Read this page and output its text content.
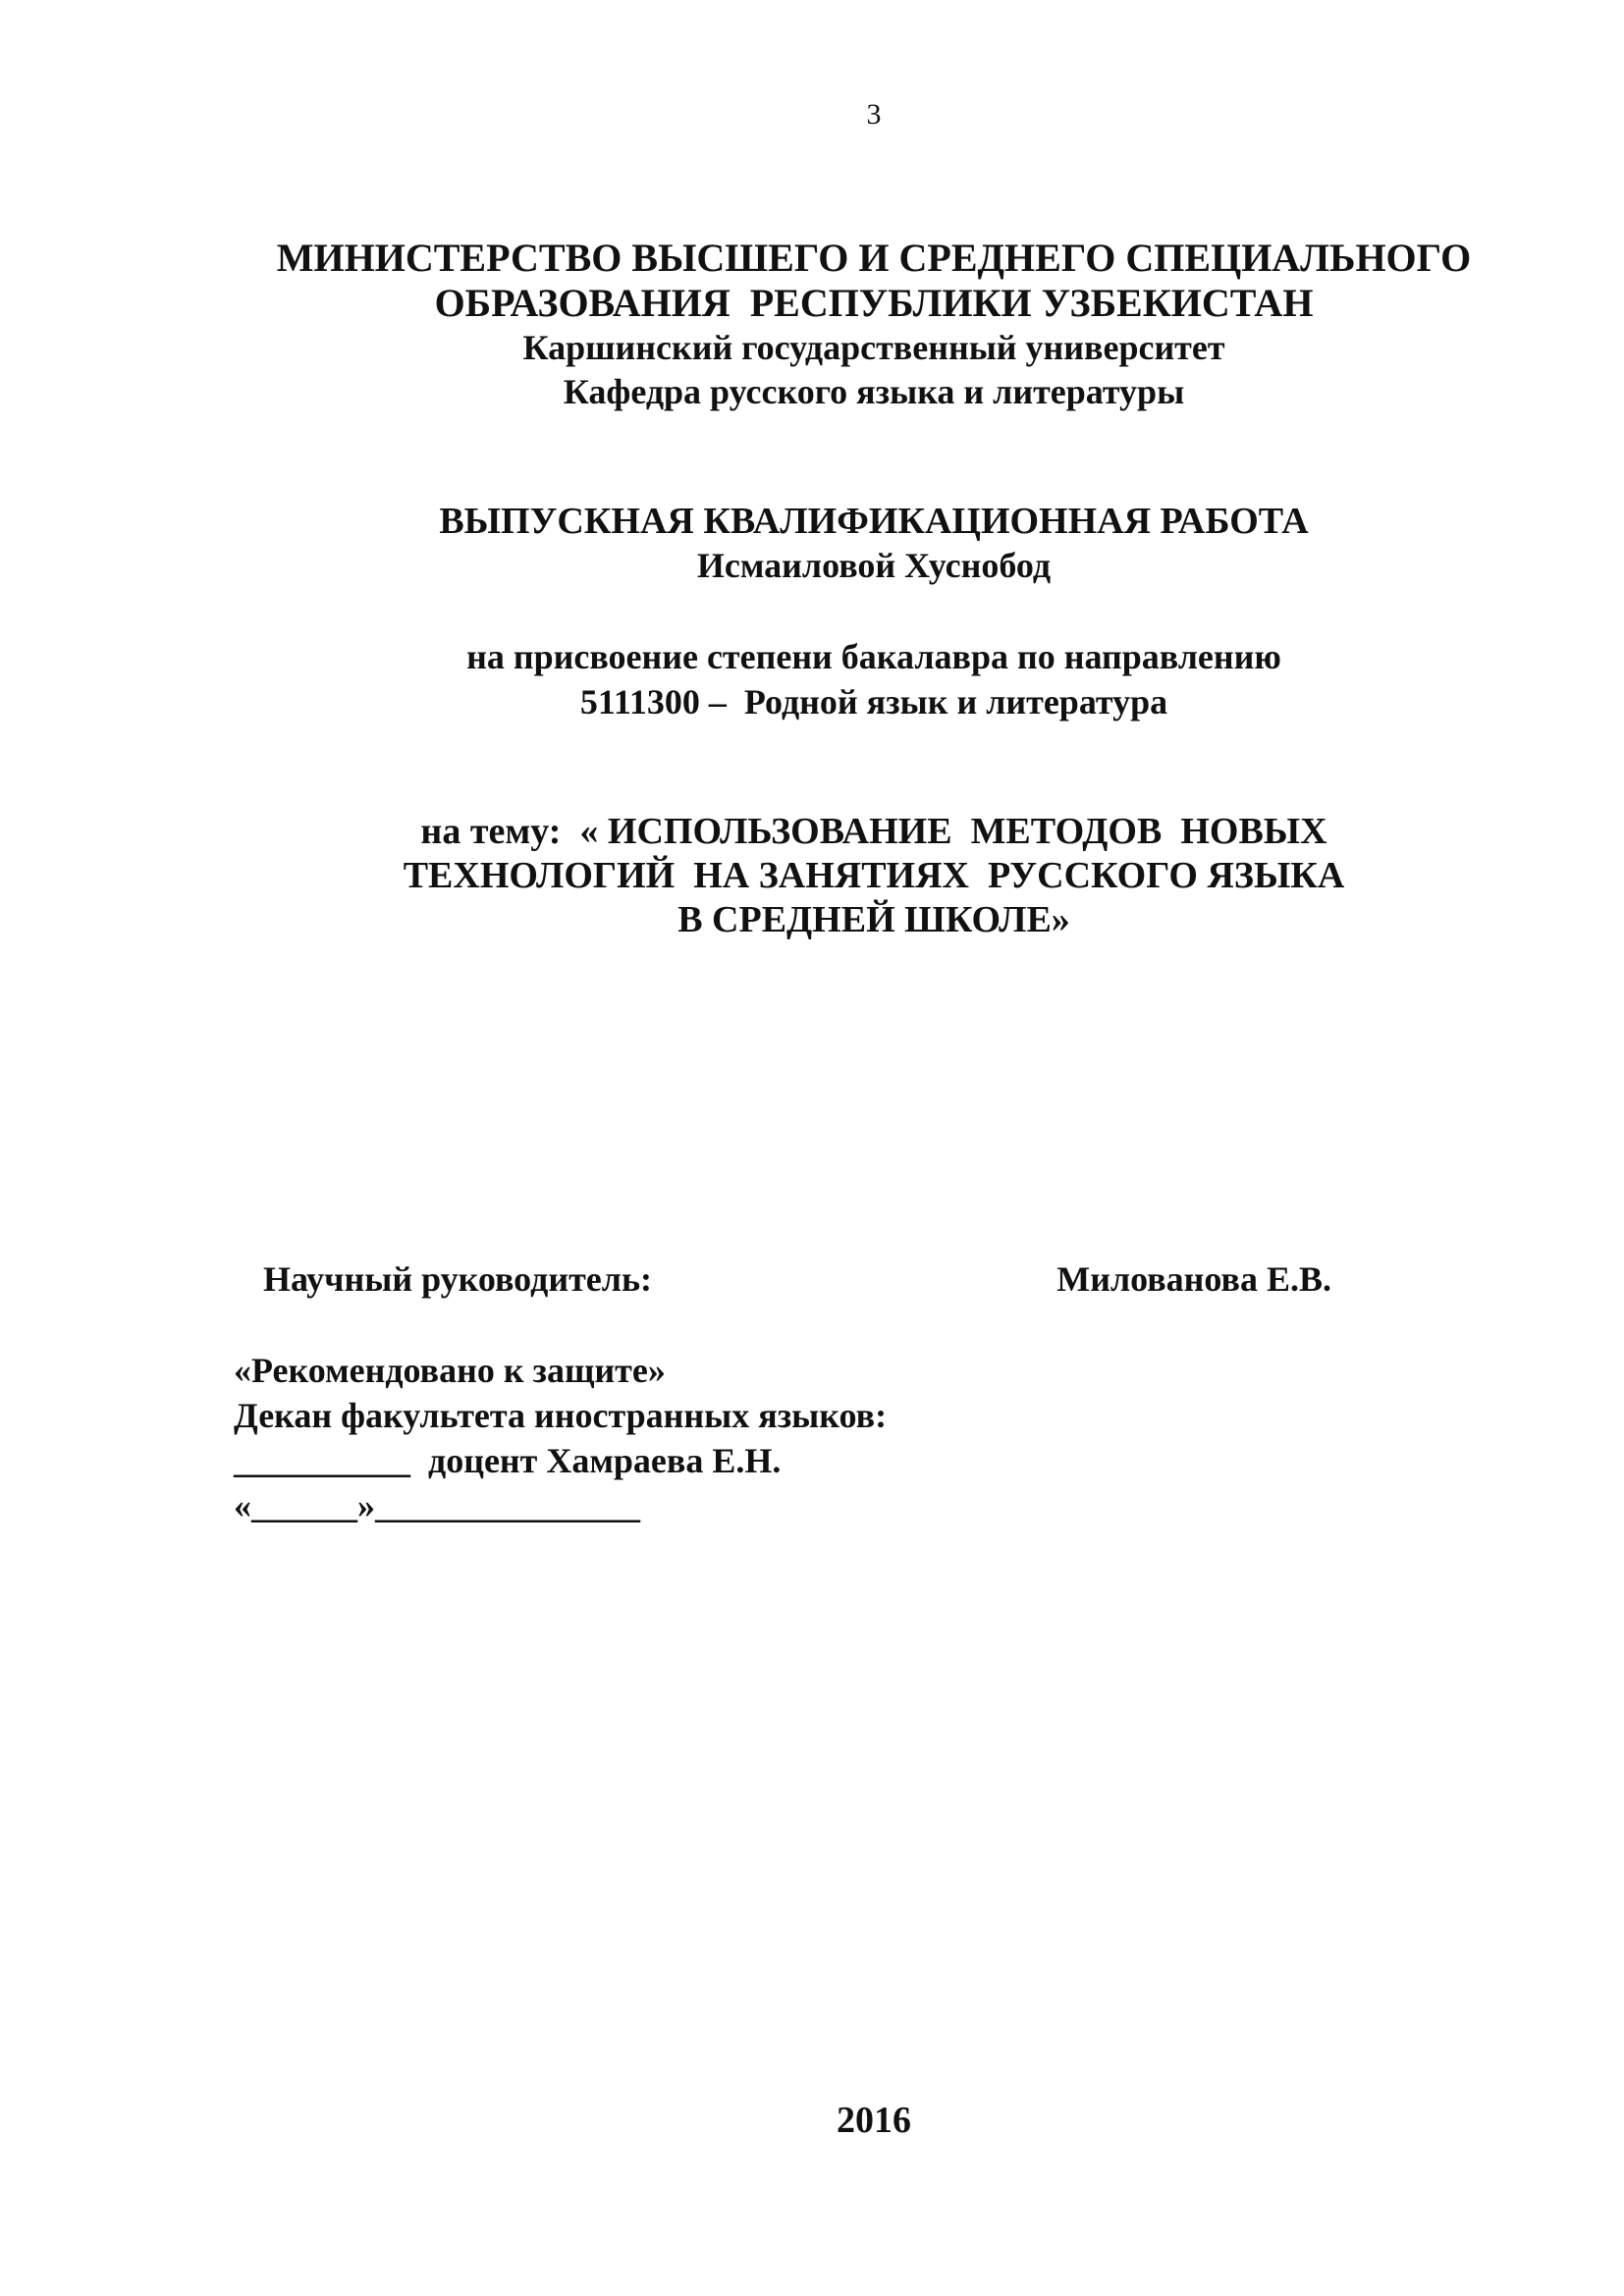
3
МИНИСТЕРСТВО ВЫСШЕГО И СРЕДНЕГО СПЕЦИАЛЬНОГО
ОБРАЗОВАНИЯ  РЕСПУБЛИКИ УЗБЕКИСТАН
Каршинский государственный университет
Кафедра русского языка и литературы
ВЫПУСКНАЯ КВАЛИФИКАЦИОННАЯ РАБОТА
Исмаиловой Хуснобод
на присвоение степени бакалавра по направлению
5111300 –  Родной язык и литература
на тему:  « ИСПОЛЬЗОВАНИЕ  МЕТОДОВ  НОВЫХ
ТЕХНОЛОГИЙ  НА ЗАНЯТИЯХ  РУССКОГО ЯЗЫКА
В СРЕДНЕЙ ШКОЛЕ»
Научный руководитель:	Милованова Е.В.
«Рекомендовано к защите»
Декан факультета иностранных языков:
__________  доцент Хамраева Е.Н.
«______»_______________
2016
